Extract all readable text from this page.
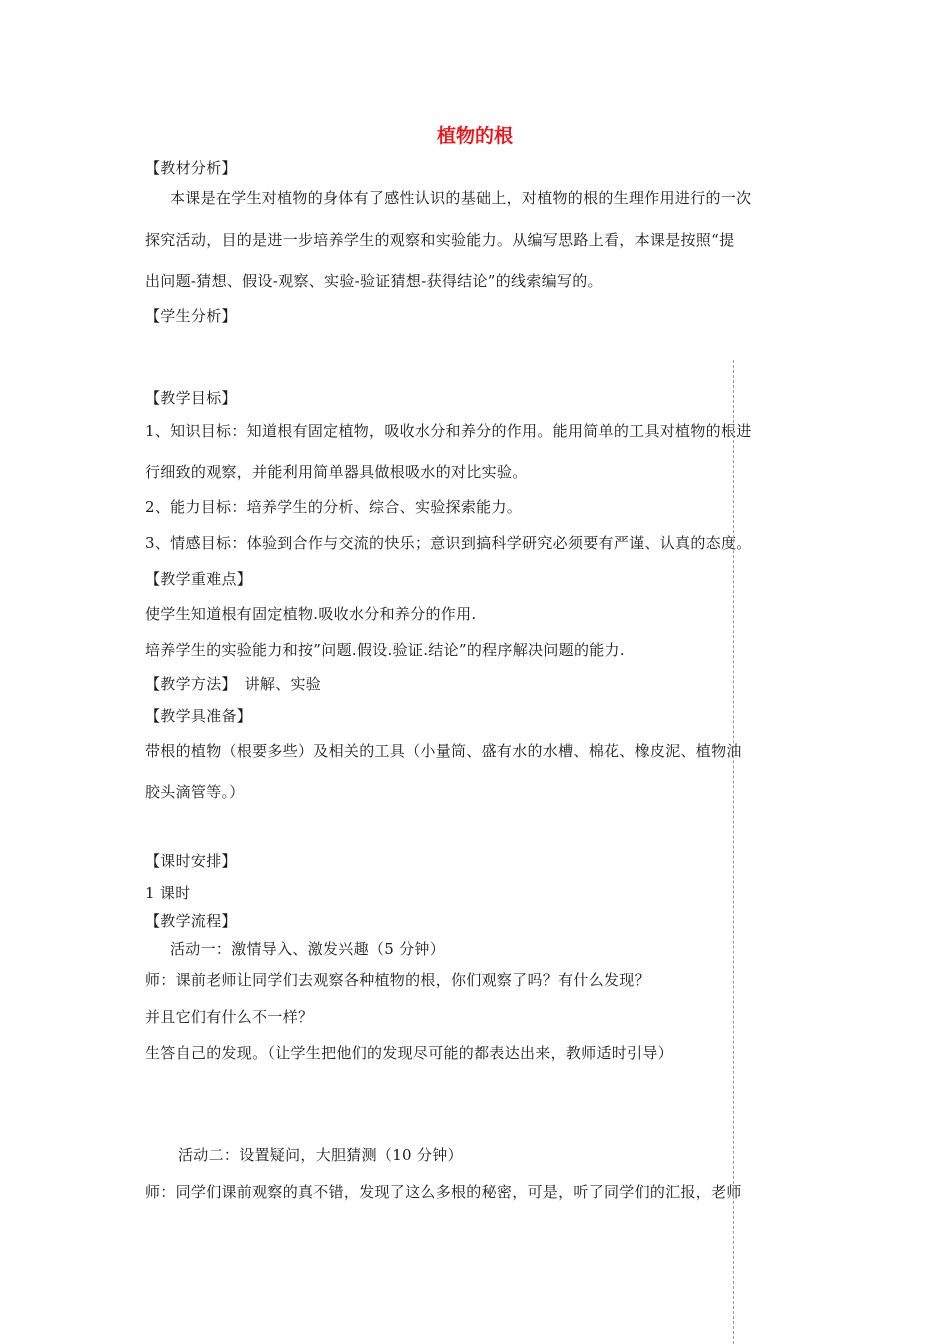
植物的根
【教材分析】
本课是在学生对植物的身体有了感性认识的基础上，对植物的根的生理作用进行的一次
探究活动，目的是进一步培养学生的观察和实验能力。从编写思路上看，本课是按照“提
出问题-猜想、假设-观察、实验-验证猜想-获得结论”的线索编写的。
【学生分析】
【教学目标】
1、知识目标：知道根有固定植物，吸收水分和养分的作用。能用简单的工具对植物的根进
行细致的观察，并能利用简单器具做根吸水的对比实验。
2、能力目标：培养学生的分析、综合、实验探索能力。
3、情感目标：体验到合作与交流的快乐；意识到搞科学研究必须要有严谨、认真的态度。
【教学重难点】
使学生知道根有固定植物.吸收水分和养分的作用.
培养学生的实验能力和按”问题.假设.验证.结论”的程序解决问题的能力.
【教学方法】　讲解、实验
【教学具准备】
带根的植物（根要多些）及相关的工具（小量筒、盛有水的水槽、棉花、橡皮泥、植物油
胶头滴管等。）
【课时安排】
1 课时
【教学流程】
活动一：激情导入、激发兴趣（5 分钟）
师：课前老师让同学们去观察各种植物的根，你们观察了吗？有什么发现？
并且它们有什么不一样？
生答自己的发现。（让学生把他们的发现尽可能的都表达出来，教师适时引导）
活动二：设置疑问，大胆猜测（10 分钟）
师：同学们课前观察的真不错，发现了这么多根的秘密，可是，听了同学们的汇报，老师
